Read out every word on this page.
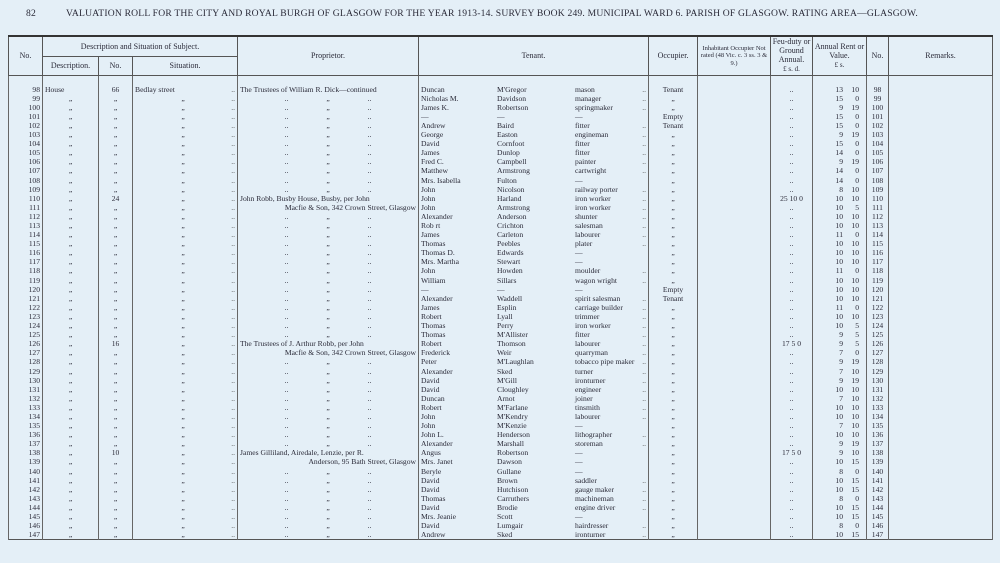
82	VALUATION ROLL FOR THE CITY AND ROYAL BURGH OF GLASGOW FOR THE YEAR 1913-14. SURVEY BOOK 249. MUNICIPAL WARD 6. PARISH OF GLASGOW. RATING AREA—GLASGOW.
No.	Description and Situation of Subject.			Proprietor.	Tenant.	Occupier.	Inhabitant Occupier Not rated (48 Vic. c. 3 ss. 3 & 9.)	Feu-duty or Ground Annual.
£ s. d.	Annual Rent or Value.
£ s.	No.	Remarks.
	Description.	No.	Situation.								

98	House	66	Bedlay street ..	The Trustees of William R. Dick—continued	Duncan M'Gregor mason ..	Tenant		..	13 10	98	
99	„	„	„ ..	..                    „                    ..	Nicholas M. Davidson manager ..	„		..	15 0	99	
100	„	„	„ ..	..                    „                    ..	James K. Robertson springmaker ..	„		..	9 19	100	
101	„	„	„ ..	..                    „                    ..	— — —	Empty		..	15 0	101	
102	„	„	„ ..	..                    „                    ..	Andrew Baird fitter ..	Tenant		..	15 0	102	
103	„	„	„ ..	..                    „                    ..	George Easton engineman ..	„		..	9 19	103	
104	„	„	„ ..	..                    „                    ..	David Cornfoot fitter ..	„		..	15 0	104	
105	„	„	„ ..	..                    „                    ..	James Dunlop fitter ..	„		..	14 0	105	
106	„	„	„ ..	..                    „                    ..	Fred C. Campbell painter ..	„		..	9 19	106	
107	„	„	„ ..	..                    „                    ..	Matthew Armstrong cartwright ..	„		..	14 0	107	
108	„	„	„ ..	..                    „                    ..	Mrs. Isabella Fulton —	„		..	14 0	108	
109	„	„	„ ..	..                    „                    ..	John Nicolson railway porter ..	„		..	8 10	109	
110	„	24	„ ..	John Robb, Busby House, Busby, per John	John Harland iron worker ..	„		25 10 0	10 10	110	
111	„	„	„ ..	Macfie & Son, 342 Crown Street, Glasgow	John Armstrong iron worker ..	„		..	10 5	111	
112	„	„	„ ..	..                    „                    ..	Alexander Anderson shunter ..	„		..	10 10	112	
113	„	„	„ ..	..                    „                    ..	Rob rt Crichton salesman ..	„		..	10 10	113	
114	„	„	„ ..	..                    „                    ..	James Carleton labourer ..	„		..	11 0	114	
115	„	„	„ ..	..                    „                    ..	Thomas Peebles plater ..	„		..	10 10	115	
116	„	„	„ ..	..                    „                    ..	Thomas D. Edwards —	„		..	10 10	116	
117	„	„	„ ..	..                    „                    ..	Mrs. Martha Stewart —	„		..	10 10	117	
118	„	„	„ ..	..                    „                    ..	John Howden moulder ..	„		..	11 0	118	
119	„	„	„ ..	..                    „                    ..	William Sillars wagon wright ..	„		..	10 10	119	
120	„	„	„ ..	..                    „                    ..	— — —	Empty		..	10 10	120	
121	„	„	„ ..	..                    „                    ..	Alexander Waddell spirit salesman ..	Tenant		..	10 10	121	
122	„	„	„ ..	..                    „                    ..	James Esplin carriage builder ..	„		..	11 0	122	
123	„	„	„ ..	..                    „                    ..	Robert Lyall trimmer ..	„		..	10 10	123	
124	„	„	„ ..	..                    „                    ..	Thomas Perry iron worker ..	„		..	10 5	124	
125	„	„	„ ..	..                    „                    ..	Thomas M'Allister fitter ..	„		..	9 5	125	
126	„	16	„ ..	The Trustees of J. Arthur Robb, per John	Robert Thomson labourer ..	„		17 5 0	9 5	126	
127	„	„	„ ..	Macfie & Son, 342 Crown Street, Glasgow	Frederick Weir quarryman ..	„		..	7 0	127	
128	„	„	„ ..	..                    „                    ..	Peter M'Laughlan tobacco pipe maker ..	„		..	9 19	128	
129	„	„	„ ..	..                    „                    ..	Alexander Sked turner ..	„		..	7 10	129	
130	„	„	„ ..	..                    „                    ..	David M'Gill ironturner ..	„		..	9 19	130	
131	„	„	„ ..	..                    „                    ..	David Cloughley engineer ..	„		..	10 10	131	
132	„	„	„ ..	..                    „                    ..	Duncan Arnot joiner ..	„		..	7 10	132	
133	„	„	„ ..	..                    „                    ..	Robert M'Farlane tinsmith ..	„		..	10 10	133	
134	„	„	„ ..	..                    „                    ..	John M'Kendry labourer ..	„		..	10 10	134	
135	„	„	„ ..	..                    „                    ..	John M'Kenzie —	„		..	7 10	135	
136	„	„	„ ..	..                    „                    ..	John L. Henderson lithographer ..	„		..	10 10	136	
137	„	„	„ ..	..                    „                    ..	Alexander Marshall storeman ..	„		..	9 19	137	
138	„	10	„ ..	James Gilliland, Airedale, Lenzie, per R.	Angus Robertson —	„		17 5 0	9 10	138	
139	„	„	„ ..	Anderson, 95 Bath Street, Glasgow	Mrs. Janet Dawson —	„		..	10 15	139	
140	„	„	„ ..	..                    „                    ..	Beryle Gullane —	„		..	8 0	140	
141	„	„	„ ..	..                    „                    ..	David Brown saddler ..	„		..	10 15	141	
142	„	„	„ ..	..                    „                    ..	David Hutchison gauge maker ..	„		..	10 15	142	
143	„	„	„ ..	..                    „                    ..	Thomas Carruthers machineman ..	„		..	8 0	143	
144	„	„	„ ..	..                    „                    ..	David Brodie engine driver ..	„		..	10 15	144	
145	„	„	„ ..	..                    „                    ..	Mrs. Jeanie Scott —	„		..	10 15	145	
146	„	„	„ ..	..                    „                    ..	David Lumgair hairdresser ..	„		..	8 0	146	
147	„	„	„ ..	..                    „                    ..	Andrew Sked ironturner ..	„		..	10 15	147	
